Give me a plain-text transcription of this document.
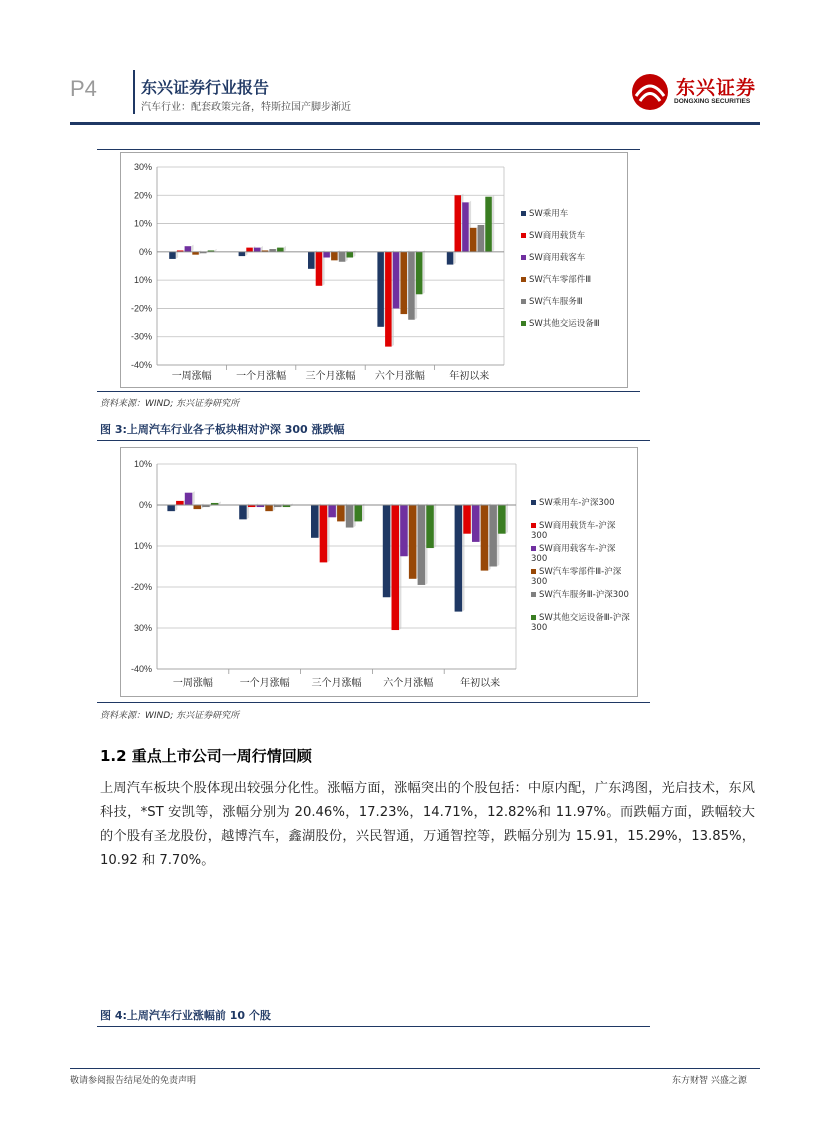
P4	东兴证券行业报告
汽车行业：配套政策完备，特斯拉国产脚步渐近
东兴证券
DONGXING SECURITIES
30%
20%
10%
0%
10%
-20%
-30%
-40%
一周涨幅 一个月涨幅 三个月涨幅 六个月涨幅 年初以来
SW乘用车
SW商用载货车
SW商用载客车
SW汽车零部件Ⅲ
SW汽车服务Ⅲ
SW其他交运设备Ⅲ
资料来源：WIND; 东兴证券研究所
图 3:上周汽车行业各子板块相对沪深 300 涨跌幅
10%
0%
10%
-20%
30%
-40%
一周涨幅	一个月涨幅 三个月涨幅 六个月涨幅	年初以来
SW乘用车-沪深300
SW商用载货车-沪深300
SW商用载客车-沪深300
SW汽车零部件Ⅲ-沪深300
SW汽车服务Ⅲ-沪深300
SW其他交运设备Ⅲ-沪深300
资料来源：WIND; 东兴证券研究所
1.2 重点上市公司一周行情回顾
上周汽车板块个股体现出较强分化性。涨幅方面，涨幅突出的个股包括：中原内配，广东鸿图，光启技术，东风科技，*ST 安凯等，涨幅分别为 20.46%，17.23%，14.71%，12.82%和 11.97%。而跌幅方面，跌幅较大的个股有圣龙股份，越博汽车，鑫湖股份，兴民智通，万通智控等，跌幅分别为 15.91，15.29%，13.85%，10.92 和 7.70%。
图 4:上周汽车行业涨幅前 10 个股
敬请参阅报告结尾处的免责声明	东方财智 兴盛之源
